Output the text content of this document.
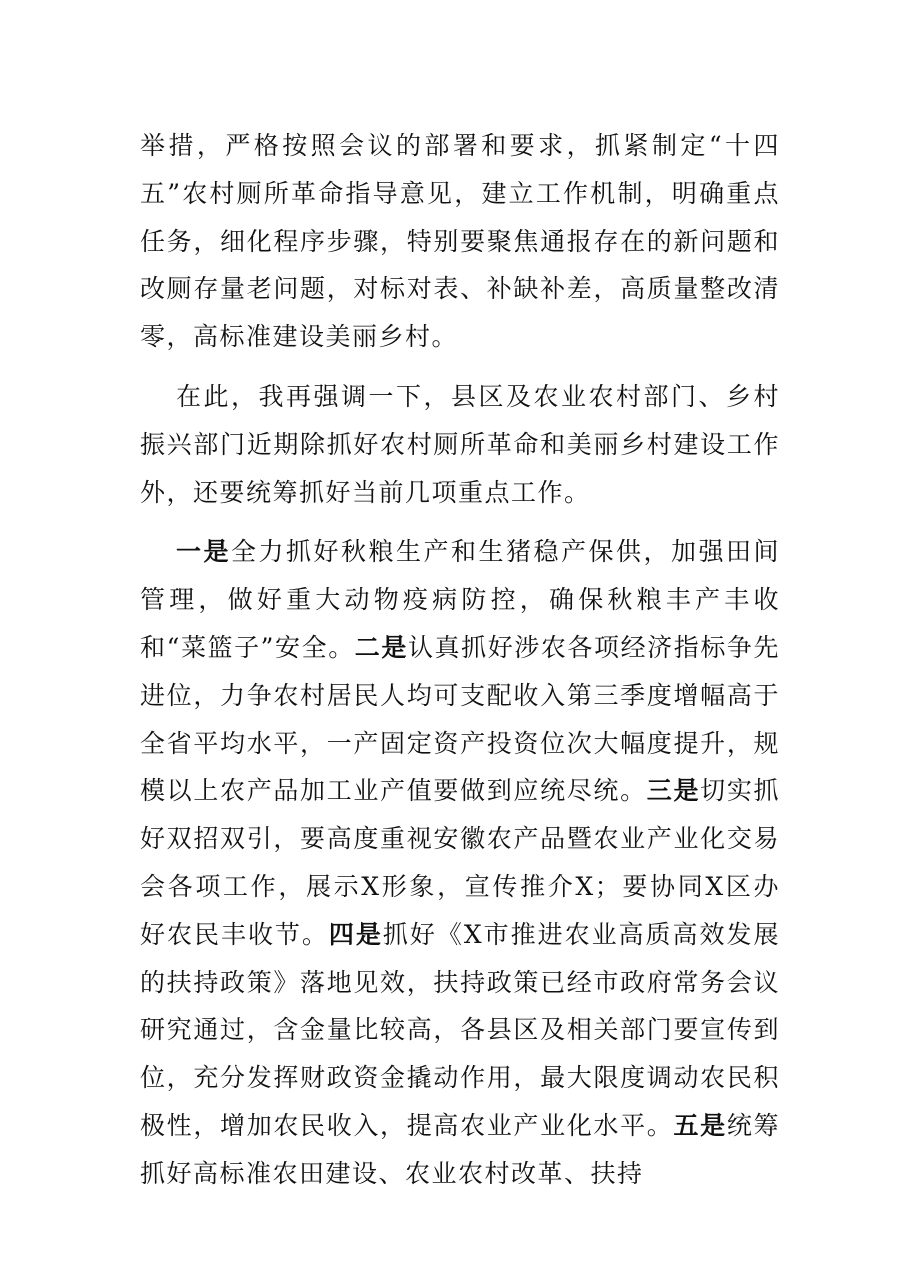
举措，严格按照会议的部署和要求，抓紧制定“十四五”农村厕所革命指导意见，建立工作机制，明确重点任务，细化程序步骤，特别要聚焦通报存在的新问题和改厕存量老问题，对标对表、补缺补差，高质量整改清零，高标准建设美丽乡村。

在此，我再强调一下，县区及农业农村部门、乡村振兴部门近期除抓好农村厕所革命和美丽乡村建设工作外，还要统筹抓好当前几项重点工作。

一是全力抓好秋粮生产和生猪稳产保供，加强田间管理，做好重大动物疫病防控，确保秋粮丰产丰收和“菜篮子”安全。二是认真抓好涉农各项经济指标争先进位，力争农村居民人均可支配收入第三季度增幅高于全省平均水平，一产固定资产投资位次大幅度提升，规模以上农产品加工业产值要做到应统尽统。三是切实抓好双招双引，要高度重视安徽农产品暨农业产业化交易会各项工作，展示X形象，宣传推介X；要协同X区办好农民丰收节。四是抓好《X市推进农业高质高效发展的扶持政策》落地见效，扶持政策已经市政府常务会议研究通过，含金量比较高，各县区及相关部门要宣传到位，充分发挥财政资金撬动作用，最大限度调动农民积极性，增加农民收入，提高农业产业化水平。五是统筹抓好高标准农田建设、农业农村改革、扶持
